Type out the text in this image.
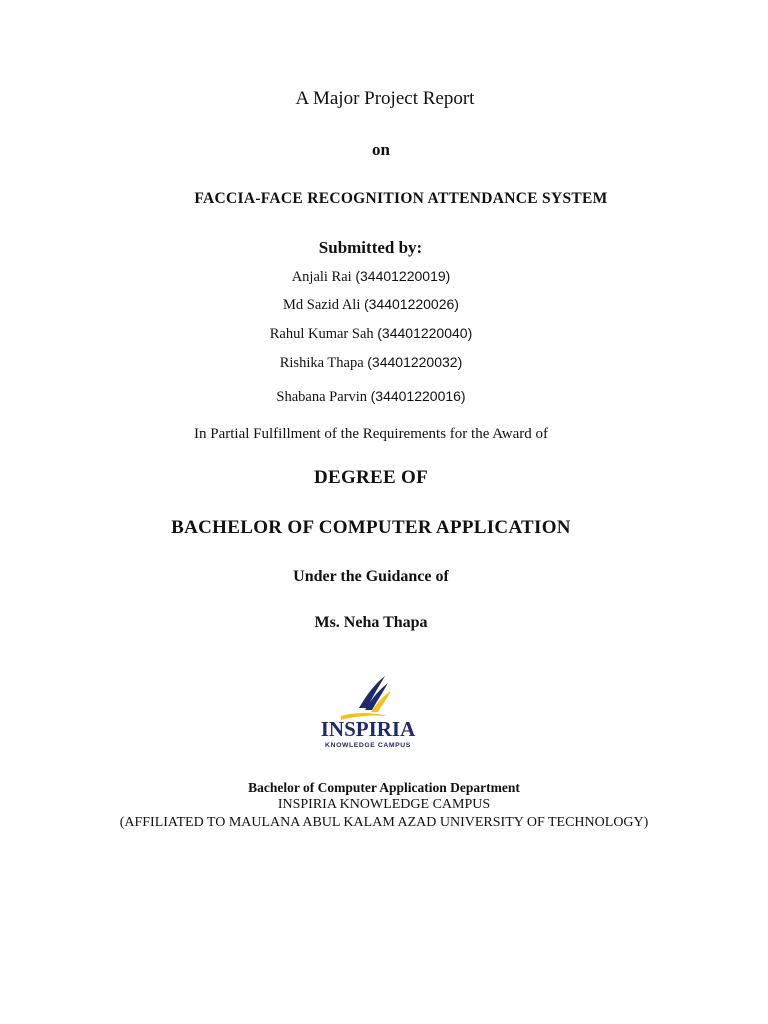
A Major Project Report
on
FACCIA-FACE RECOGNITION ATTENDANCE SYSTEM
Submitted by:
Anjali Rai (34401220019)
Md Sazid Ali (34401220026)
Rahul Kumar Sah (34401220040)
Rishika Thapa (34401220032)
Shabana Parvin (34401220016)
In Partial Fulfillment of the Requirements for the Award of
DEGREE OF
BACHELOR OF COMPUTER APPLICATION
Under the Guidance of
Ms. Neha Thapa
INSPIRIA
KNOWLEDGE CAMPUS
Bachelor of Computer Application Department
INSPIRIA KNOWLEDGE CAMPUS
(AFFILIATED TO MAULANA ABUL KALAM AZAD UNIVERSITY OF TECHNOLOGY)
